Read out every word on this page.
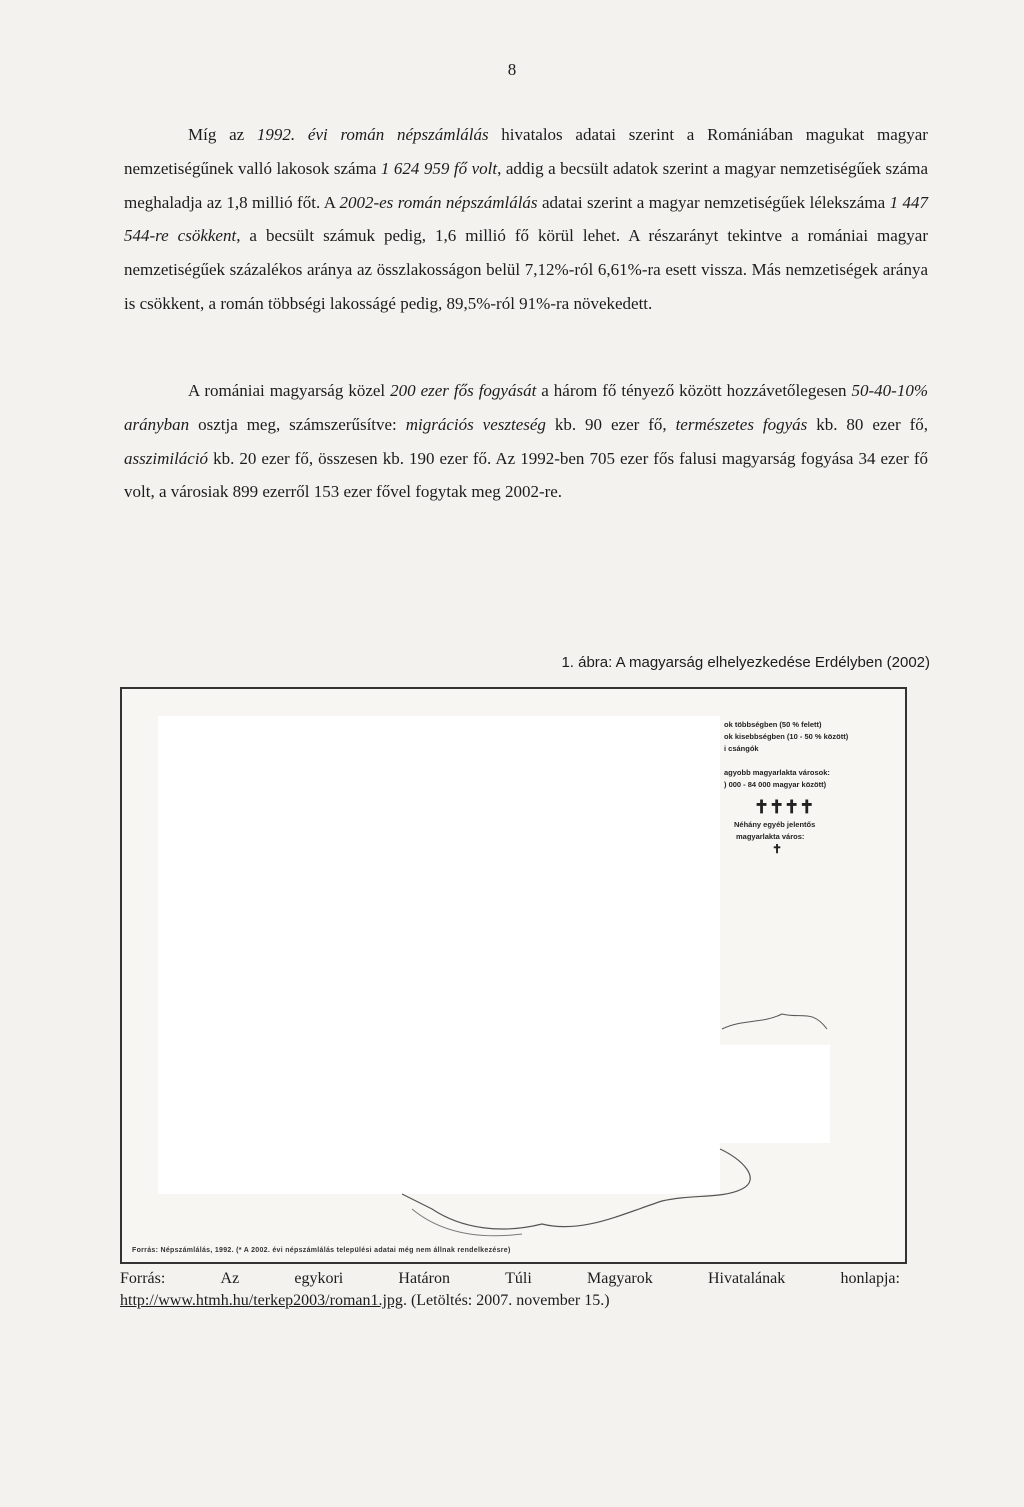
8

Míg az 1992. évi román népszámlálás hivatalos adatai szerint a Romániában magukat magyar nemzetiségűnek valló lakosok száma 1 624 959 fő volt, addig a becsült adatok szerint a magyar nemzetiségűek száma meghaladja az 1,8 millió főt. A 2002-es román népszámlálás adatai szerint a magyar nemzetiségűek lélekszáma 1 447 544-re csökkent, a becsült számuk pedig, 1,6 millió fő körül lehet. A részarányt tekintve a romániai magyar nemzetiségűek százalékos aránya az összlakosságon belül 7,12%-ról 6,61%-ra esett vissza. Más nemzetiségek aránya is csökkent, a román többségi lakosságé pedig, 89,5%-ról 91%-ra növekedett.

A romániai magyarság közel 200 ezer fős fogyását a három fő tényező között hozzávetőlegesen 50-40-10% arányban osztja meg, számszerűsítve: migrációs veszteség kb. 90 ezer fő, természetes fogyás kb. 80 ezer fő, asszimiláció kb. 20 ezer fő, összesen kb. 190 ezer fő. Az 1992-ben 705 ezer fős falusi magyarság fogyása 34 ezer fő volt, a városiak 899 ezerről 153 ezer fővel fogytak meg 2002-re.

1. ábra: A magyarság elhelyezkedése Erdélyben (2002)
ok többségben (50 % felett)
ok kisebbségben (10 - 50 % között)
i csángók
agyobb magyarlakta városok:
) 000 - 84 000 magyar között)
✝✝✝✝
Néhány egyéb jelentős
magyarlakta város:
✝
Forrás: Népszámlálás, 1992. (* A 2002. évi népszámlálás települési adatai még nem állnak rendelkezésre)
Forrás:	Az	egykori	Határon	Túli	Magyarok	Hivatalának	honlapja:
http://www.htmh.hu/terkep2003/roman1.jpg. (Letöltés: 2007. november 15.)
